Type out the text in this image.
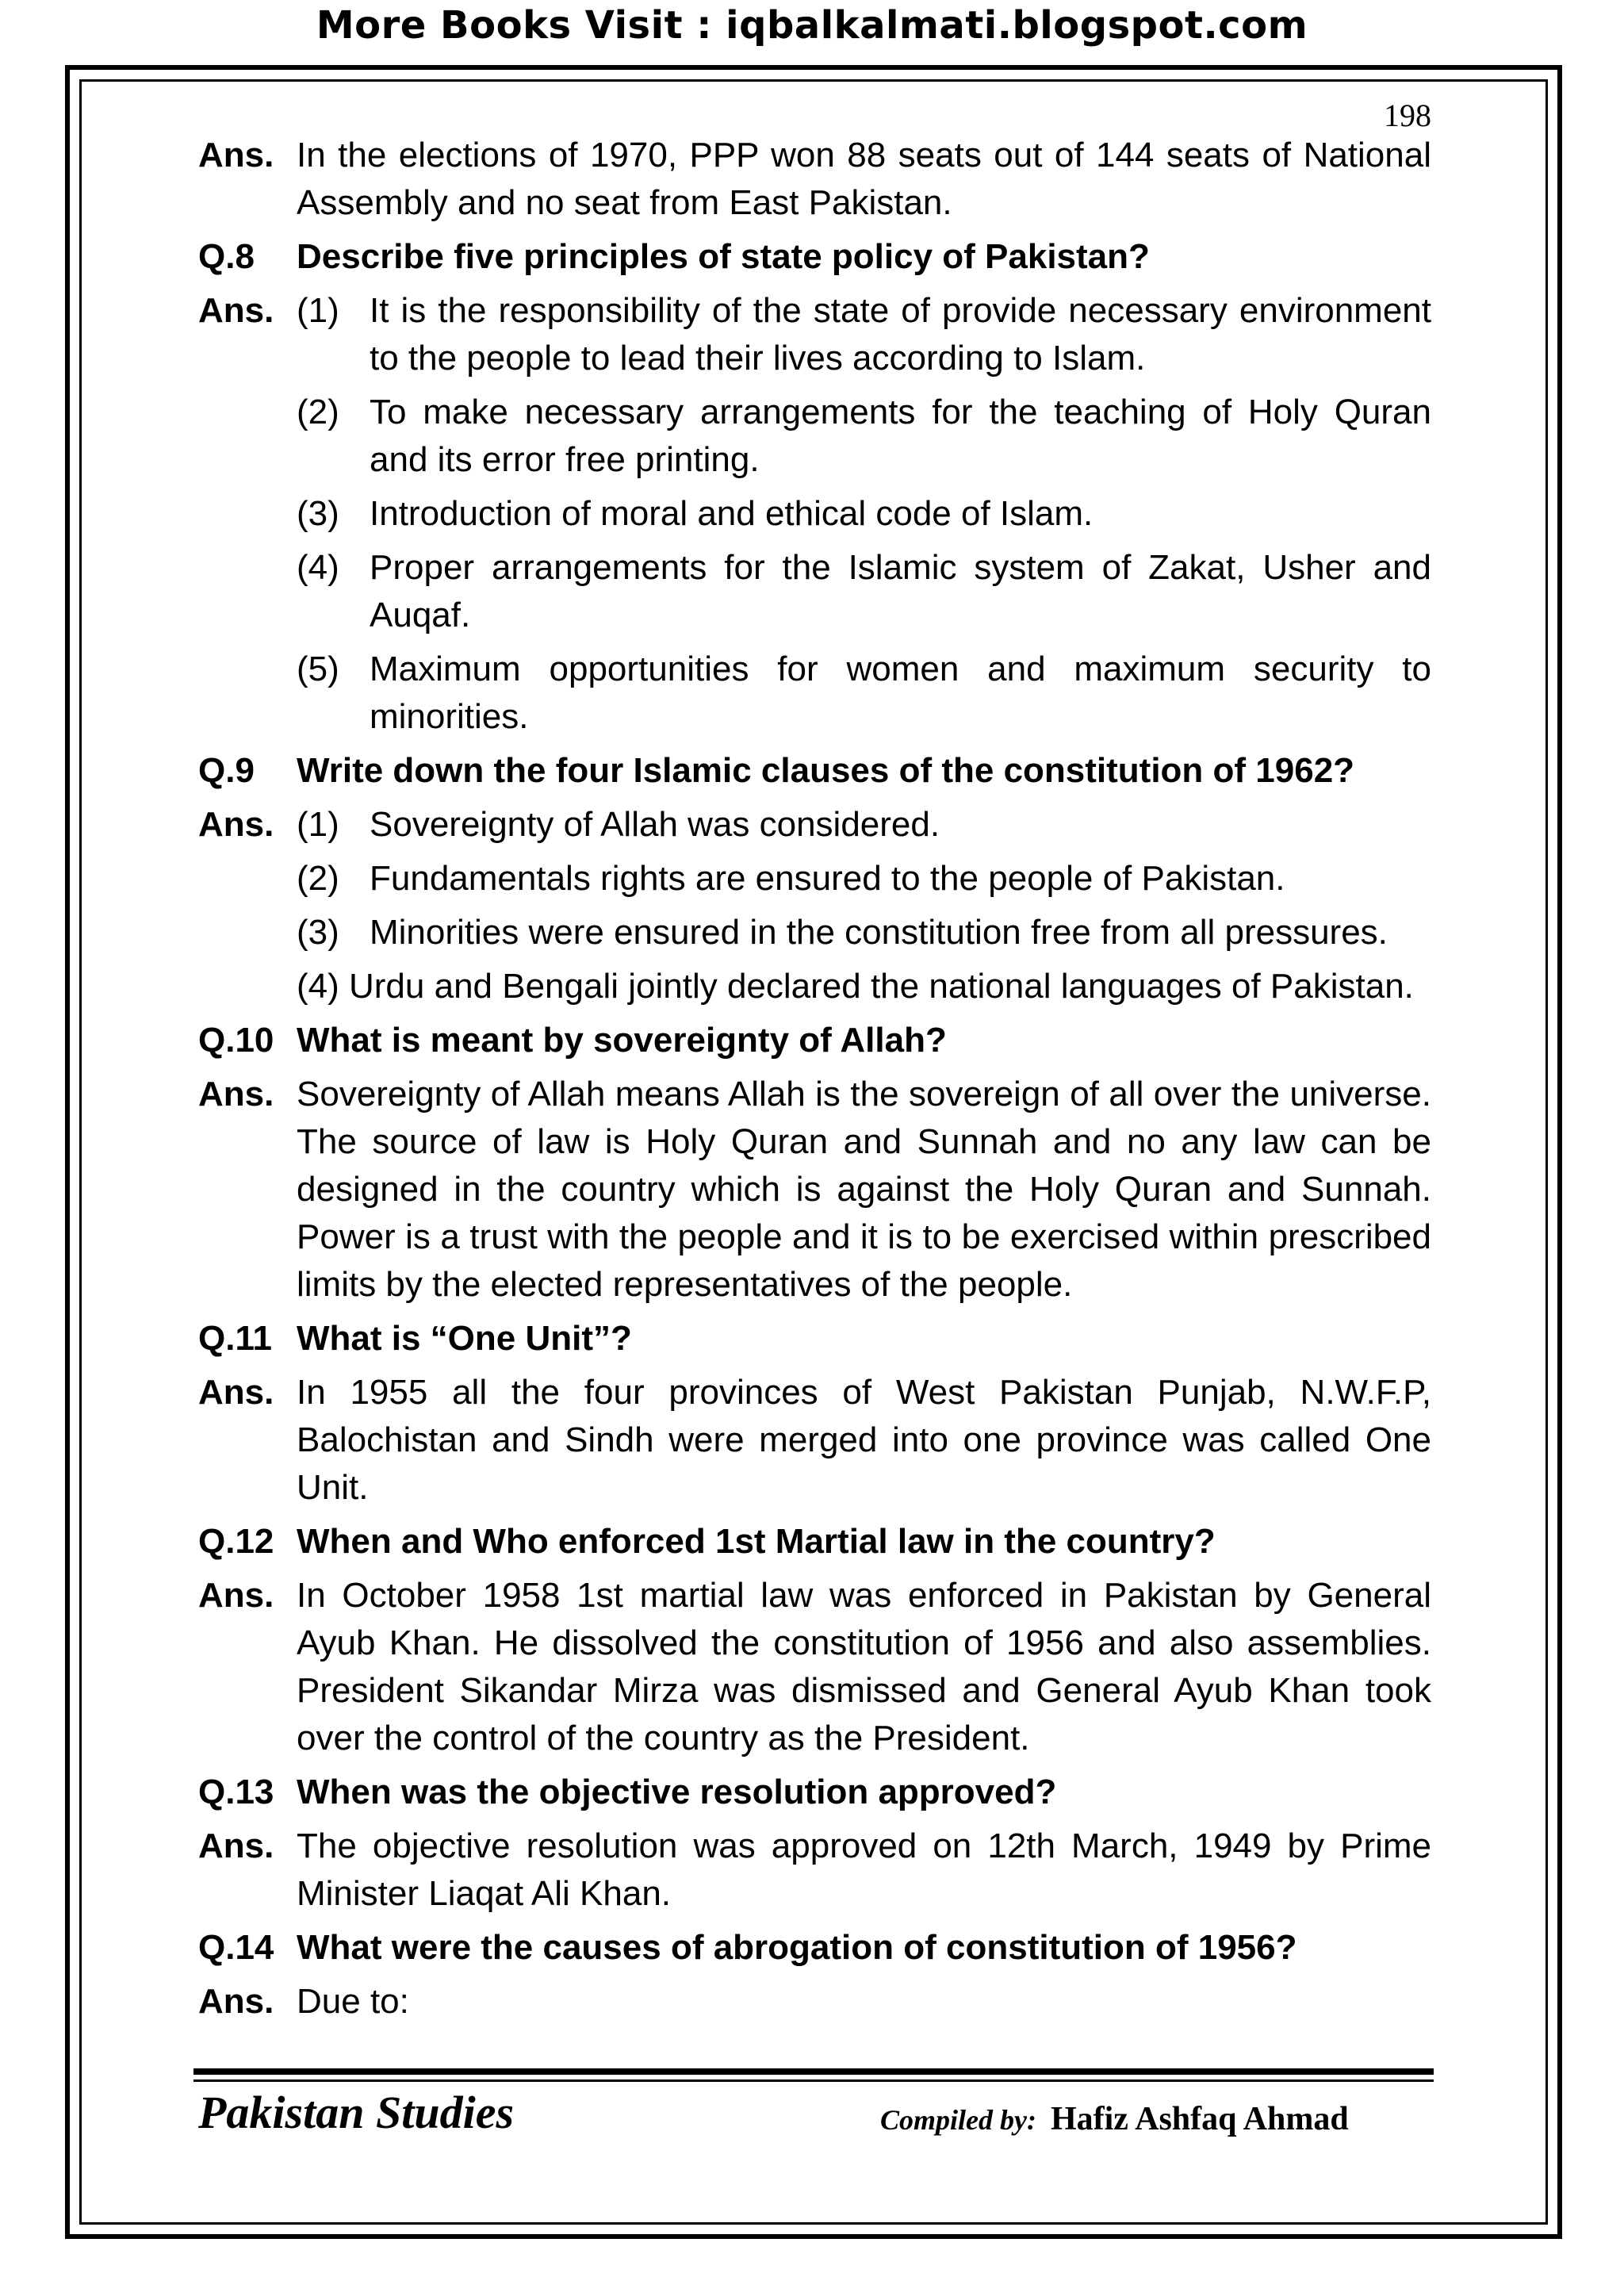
More Books Visit : iqbalkalmati.blogspot.com
198
Ans. In the elections of 1970, PPP won 88 seats out of 144 seats of National Assembly and no seat from East Pakistan.
Q.8	Describe five principles of state policy of Pakistan?
Ans. (1) It is the responsibility of the state of provide necessary environment to the people to lead their lives according to Islam.
(2) To make necessary arrangements for the teaching of Holy Quran and its error free printing.
(3) Introduction of moral and ethical code of Islam.
(4) Proper arrangements for the Islamic system of Zakat, Usher and Auqaf.
(5) Maximum opportunities for women and maximum security to minorities.
Q.9	Write down the four Islamic clauses of the constitution of 1962?
Ans. (1) Sovereignty of Allah was considered.
(2) Fundamentals rights are ensured to the people of Pakistan.
(3) Minorities were ensured in the constitution free from all pressures.
(4) Urdu and Bengali jointly declared the national languages of Pakistan.
Q.10 What is meant by sovereignty of Allah?
Ans. Sovereignty of Allah means Allah is the sovereign of all over the universe. The source of law is Holy Quran and Sunnah and no any law can be designed in the country which is against the Holy Quran and Sunnah. Power is a trust with the people and it is to be exercised within prescribed limits by the elected representatives of the people.
Q.11 What is “One Unit”?
Ans. In 1955 all the four provinces of West Pakistan Punjab, N.W.F.P, Balochistan and Sindh were merged into one province was called One Unit.
Q.12 When and Who enforced 1st Martial law in the country?
Ans. In October 1958 1st martial law was enforced in Pakistan by General Ayub Khan. He dissolved the constitution of 1956 and also assemblies. President Sikandar Mirza was dismissed and General Ayub Khan took over the control of the country as the President.
Q.13 When was the objective resolution approved?
Ans. The objective resolution was approved on 12th March, 1949 by Prime Minister Liaqat Ali Khan.
Q.14 What were the causes of abrogation of constitution of 1956?
Ans. Due to:
Pakistan Studies	Compiled by: Hafiz Ashfaq Ahmad
